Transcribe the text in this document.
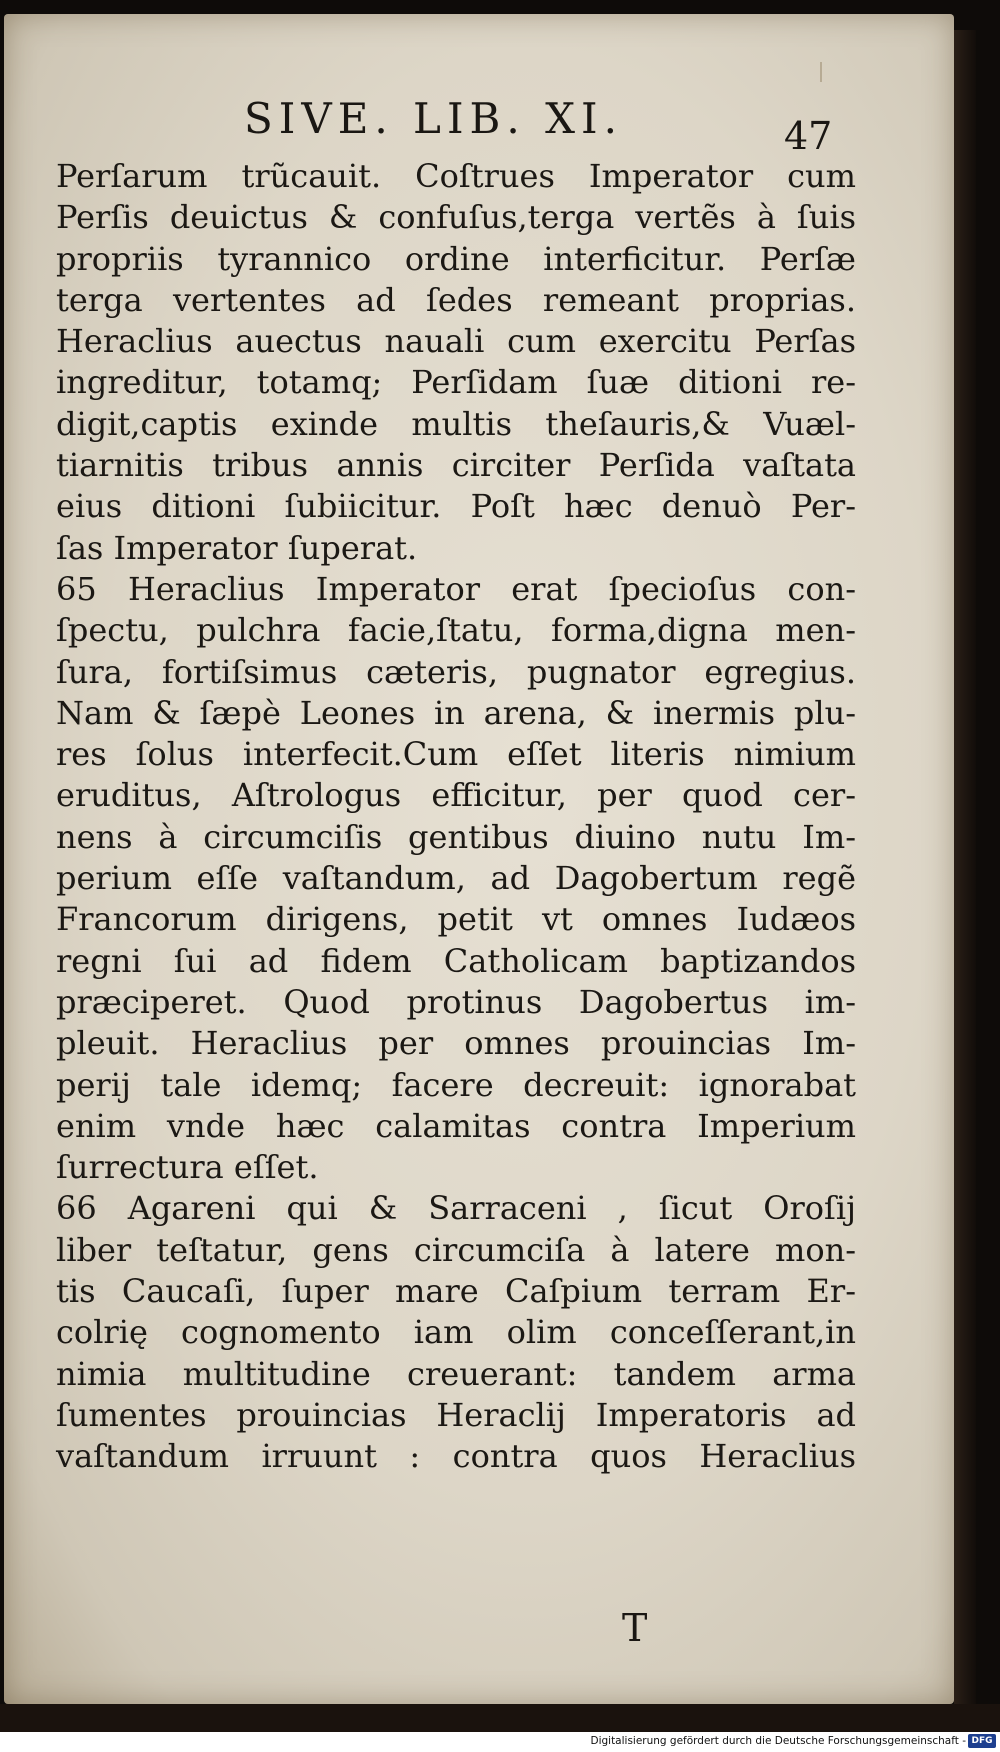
SIVE. LIB. XI.	47
Perſarum trũcauit. Coſtrues Imperator cum
Perſis deuictus & confuſus,terga vertẽs à ſuis
propriis tyrannico ordine interficitur. Perſæ
terga vertentes ad ſedes remeant proprias.
Heraclius auectus nauali cum exercitu Perſas
ingreditur, totamq; Perſidam ſuæ ditioni re-
digit,captis exinde multis theſauris,& Vuæl-
tiarnitis tribus annis circiter Perſida vaſtata
eius ditioni ſubiicitur. Poſt hæc denuò Per-
ſas Imperator ſuperat.
65 Heraclius Imperator erat ſpecioſus con-
ſpectu, pulchra facie,ſtatu, forma,digna men-
ſura, fortiſsimus cæteris, pugnator egregius.
Nam & ſæpè Leones in arena, & inermis plu-
res ſolus interfecit.Cum eſſet literis nimium
eruditus, Aſtrologus efficitur, per quod cer-
nens à circumciſis gentibus diuino nutu Im-
perium eſſe vaſtandum, ad Dagobertum regẽ
Francorum dirigens, petit vt omnes Iudæos
regni ſui ad fidem Catholicam baptizandos
præciperet. Quod protinus Dagobertus im-
pleuit. Heraclius per omnes prouincias Im-
perij tale idemq; facere decreuit: ignorabat
enim vnde hæc calamitas contra Imperium
ſurrectura eſſet.
66 Agareni qui & Sarraceni , ſicut Oroſij
liber teſtatur, gens circumciſa à latere mon-
tis Caucaſi, ſuper mare Caſpium terram Er-
colrię cognomento iam olim conceſſerant,in
nimia multitudine creuerant: tandem arma
ſumentes prouincias Heraclij Imperatoris ad
vaſtandum irruunt : contra quos Heraclius
T
Digitalisierung gefördert durch die Deutsche Forschungsgemeinschaft - DFG
